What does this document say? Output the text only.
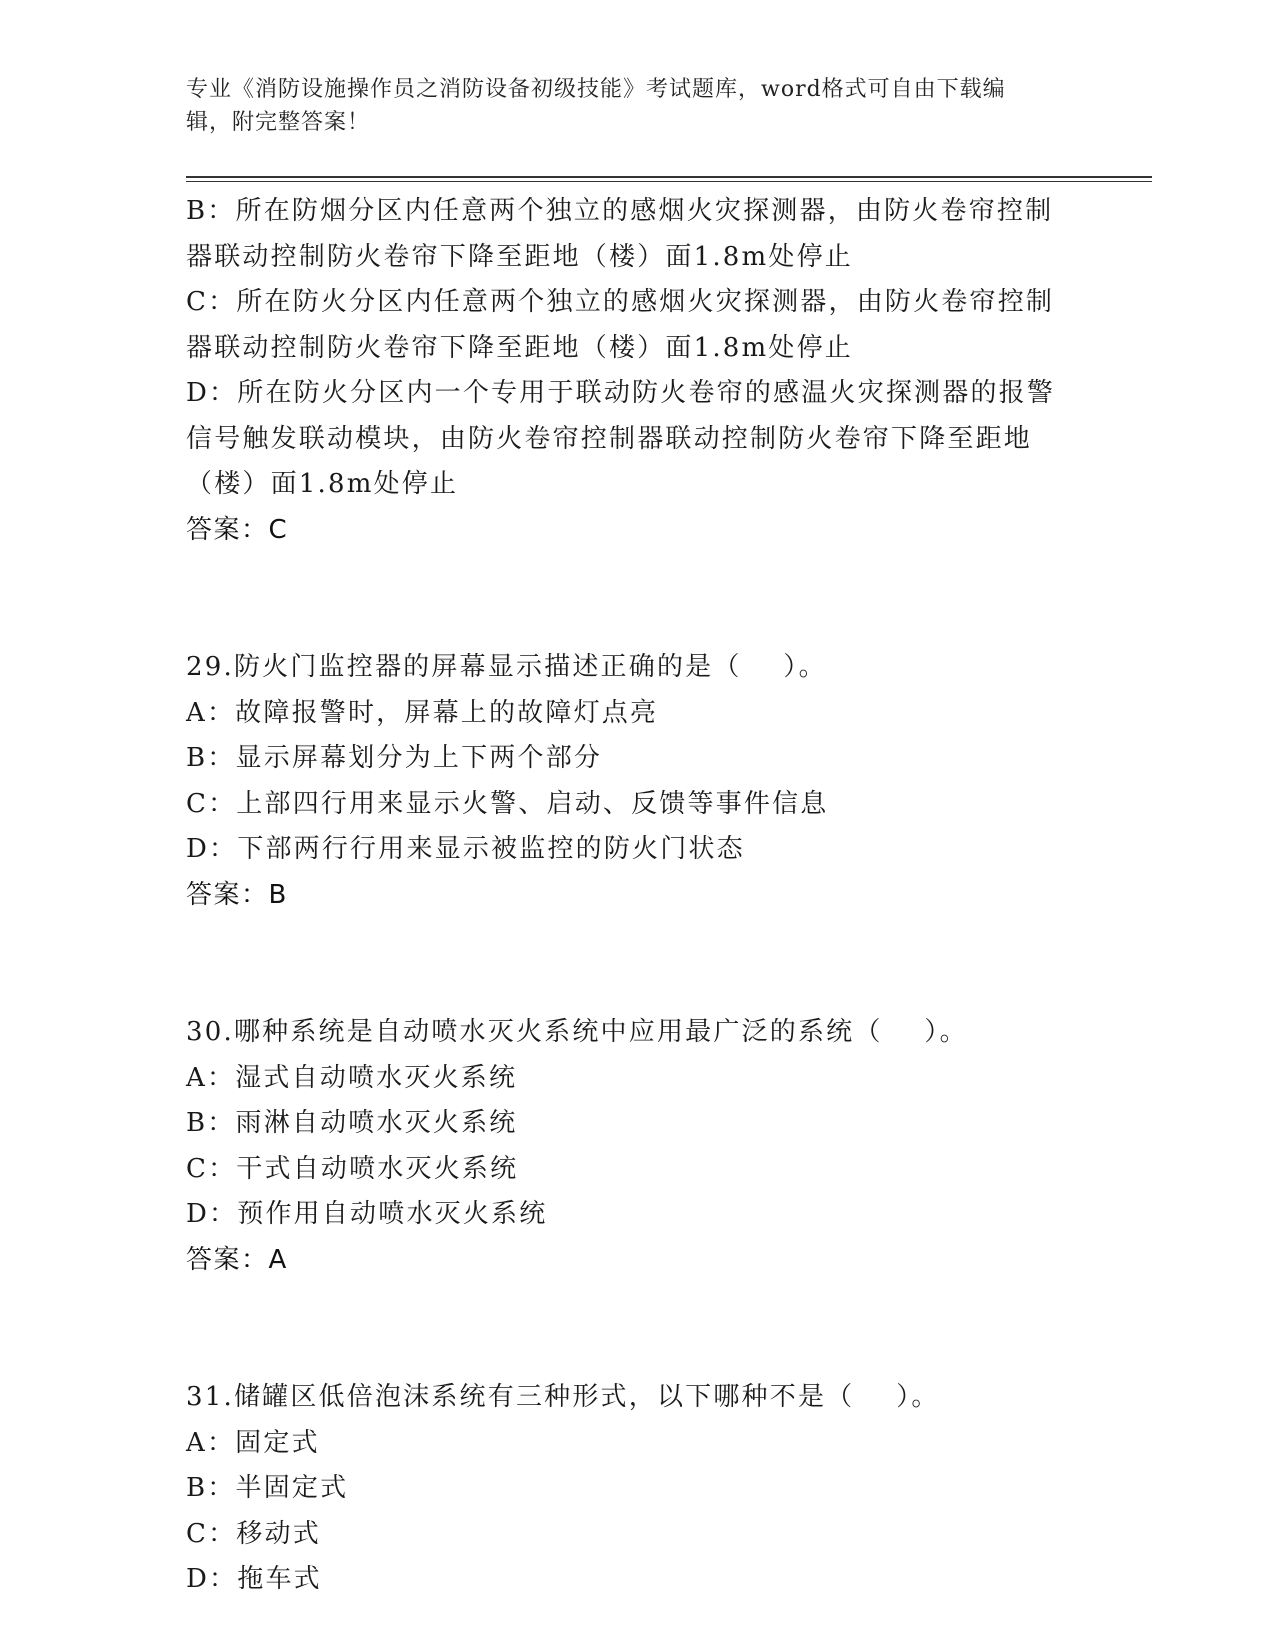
专业《消防设施操作员之消防设备初级技能》考试题库，word格式可自由下载编
辑，附完整答案！
B：所在防烟分区内任意两个独立的感烟火灾探测器，由防火卷帘控制
器联动控制防火卷帘下降至距地（楼）面1.8m处停止
C：所在防火分区内任意两个独立的感烟火灾探测器，由防火卷帘控制
器联动控制防火卷帘下降至距地（楼）面1.8m处停止
D：所在防火分区内一个专用于联动防火卷帘的感温火灾探测器的报警
信号触发联动模块，由防火卷帘控制器联动控制防火卷帘下降至距地
（楼）面1.8m处停止
答案：C
29.防火门监控器的屏幕显示描述正确的是（    ）。
A：故障报警时，屏幕上的故障灯点亮
B：显示屏幕划分为上下两个部分
C：上部四行用来显示火警、启动、反馈等事件信息
D：下部两行行用来显示被监控的防火门状态
答案：B
30.哪种系统是自动喷水灭火系统中应用最广泛的系统（    ）。
A：湿式自动喷水灭火系统
B：雨淋自动喷水灭火系统
C：干式自动喷水灭火系统
D：预作用自动喷水灭火系统
答案：A
31.储罐区低倍泡沫系统有三种形式，以下哪种不是（    ）。
A：固定式
B：半固定式
C：移动式
D：拖车式
